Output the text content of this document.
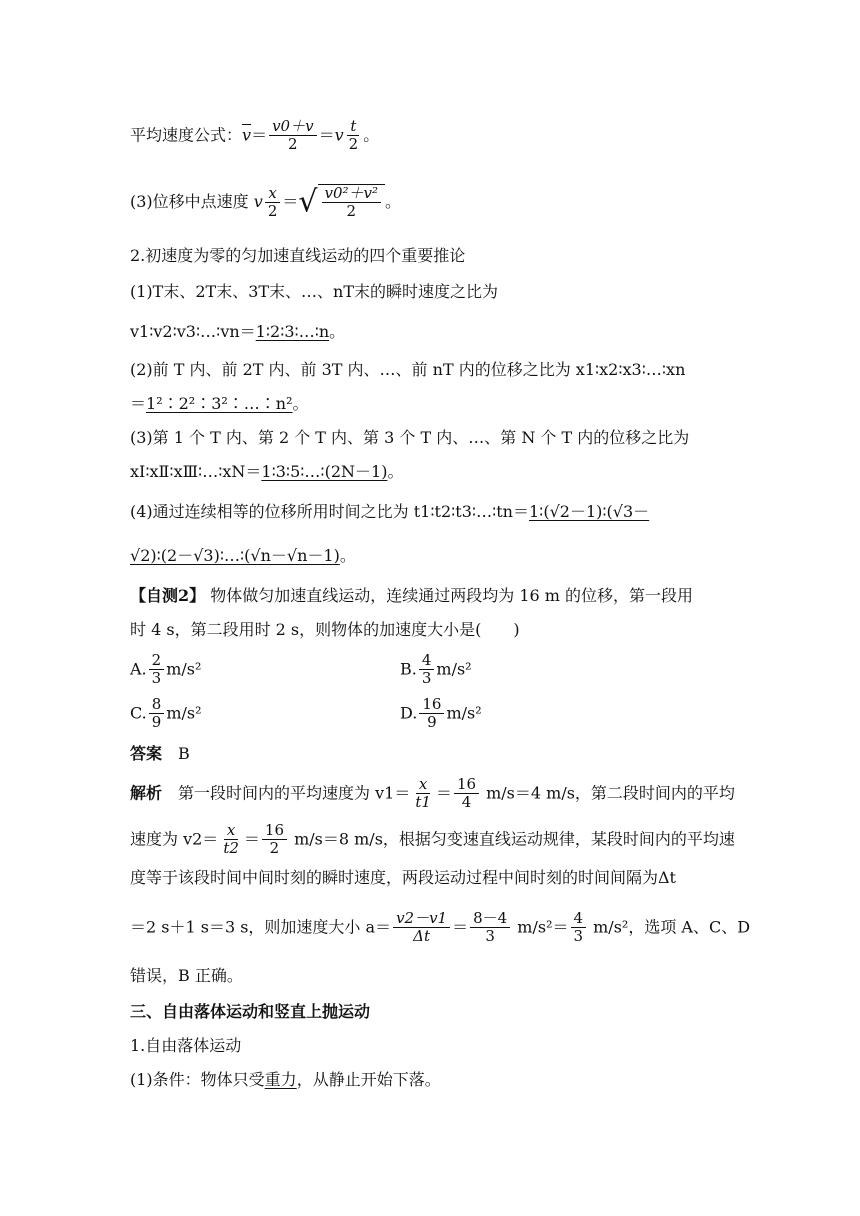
平均速度公式：$\overline{v}= \frac{v0+v}{2} =v \frac{t}{2}$ 。
(3)位移中点速度 v $\frac{x}{2}$ ＝√ $\frac{\text{v0²＋v²}}{2}$ 。
2.初速度为零的匀加速直线运动的四个重要推论
(1)T末、2T末、3T末、…、nT末的瞬时速度之比为
v1∶v2∶v3∶…∶vn＝1∶2∶3∶…∶n。
(2)前 T 内、前 2T 内、前 3T 内、…、前 nT 内的位移之比为 x1∶x2∶x3∶…∶xn
＝1²∶2²∶3²∶…∶n²。
(3)第 1 个 T 内、第 2 个 T 内、第 3 个 T 内、…、第 N 个 T 内的位移之比为
xⅠ∶xⅡ∶xⅢ∶…∶xN＝1∶3∶5∶…∶(2N－1)。
(4)通过连续相等的位移所用时间之比为 t1∶t2∶t3∶…∶tn＝1∶(√2－1)∶(√3－
√2)∶(2－√3)∶…∶(√n－√n－1)。
【自测2】 物体做匀加速直线运动，连续通过两段均为 16 m 的位移，第一段用
时 4 s，第二段用时 2 s，则物体的加速度大小是(　　)
A. $\frac{2}{3} m/s^2$	B. $\frac{4}{3} m/s^2$
C. $\frac{8}{9} m/s^2$	D. $\frac{16}{9} m/s^2$
答案　 B
解析　 第一段时间内的平均速度为 $v1= \frac{x}{t1} = \frac{16}{4} m/s=4$ m/s，第二段时间内的平均
速度为 $v2= \frac{x}{t2} = \frac{16}{2} m/s=8$ m/s，根据匀变速直线运动规律，某段时间内的平均速
度等于该段时间中间时刻的瞬时速度，两段运动过程中间时刻的时间间隔为Δt
＝2 s＋1 s＝3 s，则加速度大小 $a= \frac{v2-v1}{\Delta t} = \frac{8-4}{3} m/s^2= \frac{4}{3} m/s^2$，选项 A、C、D
错误，B 正确。
三、自由落体运动和竖直上抛运动
1.自由落体运动
(1)条件：物体只受重力，从静止开始下落。
